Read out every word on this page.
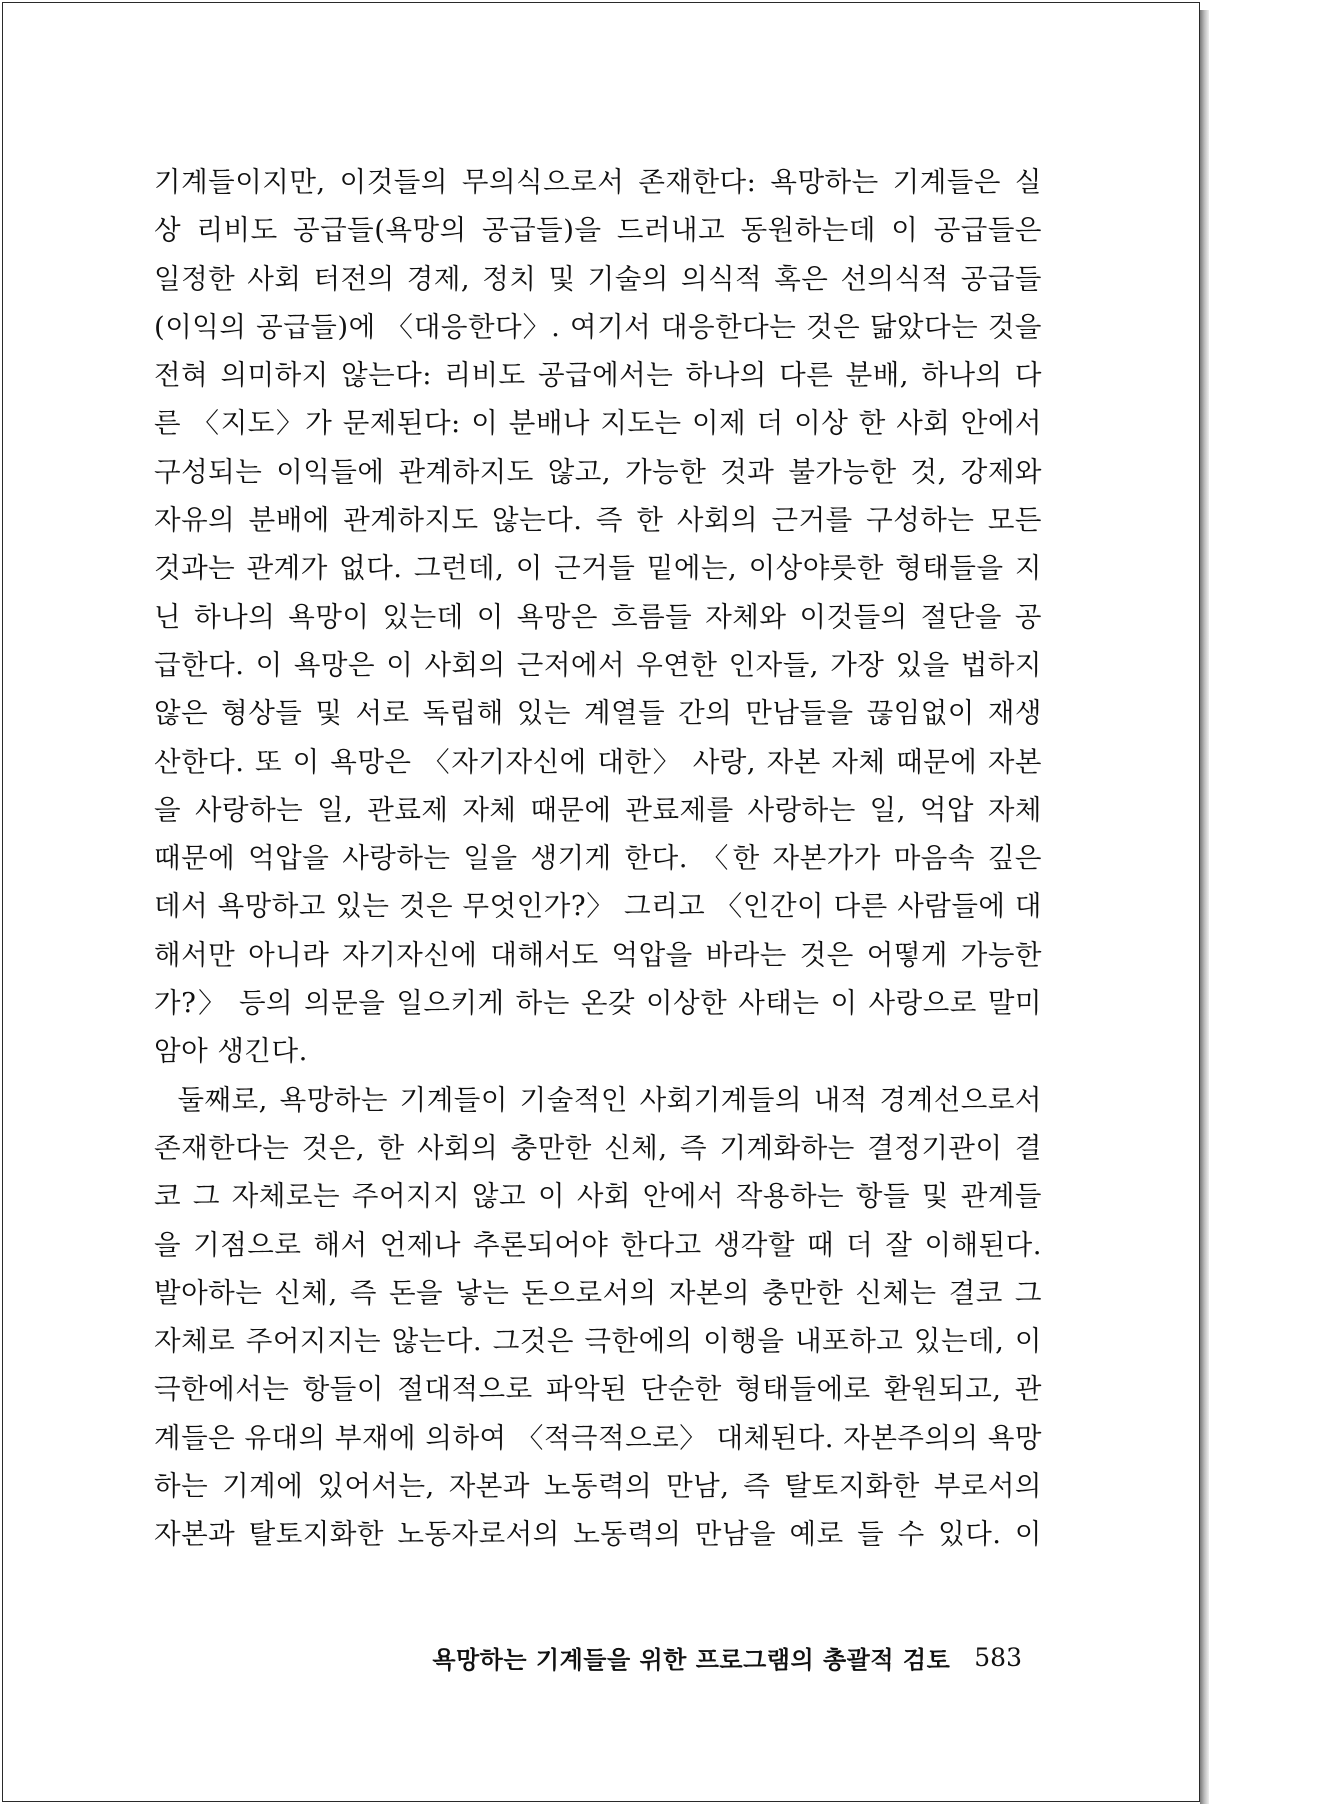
기계들이지만, 이것들의 무의식으로서 존재한다: 욕망하는 기계들은 실
상 리비도 공급들(욕망의 공급들)을 드러내고 동원하는데 이 공급들은
일정한 사회 터전의 경제, 정치 및 기술의 의식적 혹은 선의식적 공급들
(이익의 공급들)에 〈대응한다〉. 여기서 대응한다는 것은 닮았다는 것을
전혀 의미하지 않는다: 리비도 공급에서는 하나의 다른 분배, 하나의 다
른 〈지도〉가 문제된다: 이 분배나 지도는 이제 더 이상 한 사회 안에서
구성되는 이익들에 관계하지도 않고, 가능한 것과 불가능한 것, 강제와
자유의 분배에 관계하지도 않는다. 즉 한 사회의 근거를 구성하는 모든
것과는 관계가 없다. 그런데, 이 근거들 밑에는, 이상야릇한 형태들을 지
닌 하나의 욕망이 있는데 이 욕망은 흐름들 자체와 이것들의 절단을 공
급한다. 이 욕망은 이 사회의 근저에서 우연한 인자들, 가장 있을 법하지
않은 형상들 및 서로 독립해 있는 계열들 간의 만남들을 끊임없이 재생
산한다. 또 이 욕망은 〈자기자신에 대한〉 사랑, 자본 자체 때문에 자본
을 사랑하는 일, 관료제 자체 때문에 관료제를 사랑하는 일, 억압 자체
때문에 억압을 사랑하는 일을 생기게 한다. 〈한 자본가가 마음속 깊은
데서 욕망하고 있는 것은 무엇인가?〉 그리고 〈인간이 다른 사람들에 대
해서만 아니라 자기자신에 대해서도 억압을 바라는 것은 어떻게 가능한
가?〉 등의 의문을 일으키게 하는 온갖 이상한 사태는 이 사랑으로 말미
암아 생긴다.
둘째로, 욕망하는 기계들이 기술적인 사회기계들의 내적 경계선으로서
존재한다는 것은, 한 사회의 충만한 신체, 즉 기계화하는 결정기관이 결
코 그 자체로는 주어지지 않고 이 사회 안에서 작용하는 항들 및 관계들
을 기점으로 해서 언제나 추론되어야 한다고 생각할 때 더 잘 이해된다.
발아하는 신체, 즉 돈을 낳는 돈으로서의 자본의 충만한 신체는 결코 그
자체로 주어지지는 않는다. 그것은 극한에의 이행을 내포하고 있는데, 이
극한에서는 항들이 절대적으로 파악된 단순한 형태들에로 환원되고, 관
계들은 유대의 부재에 의하여 〈적극적으로〉 대체된다. 자본주의의 욕망
하는 기계에 있어서는, 자본과 노동력의 만남, 즉 탈토지화한 부로서의
자본과 탈토지화한 노동자로서의 노동력의 만남을 예로 들 수 있다. 이
욕망하는 기계들을 위한 프로그램의 총괄적 검토 583
